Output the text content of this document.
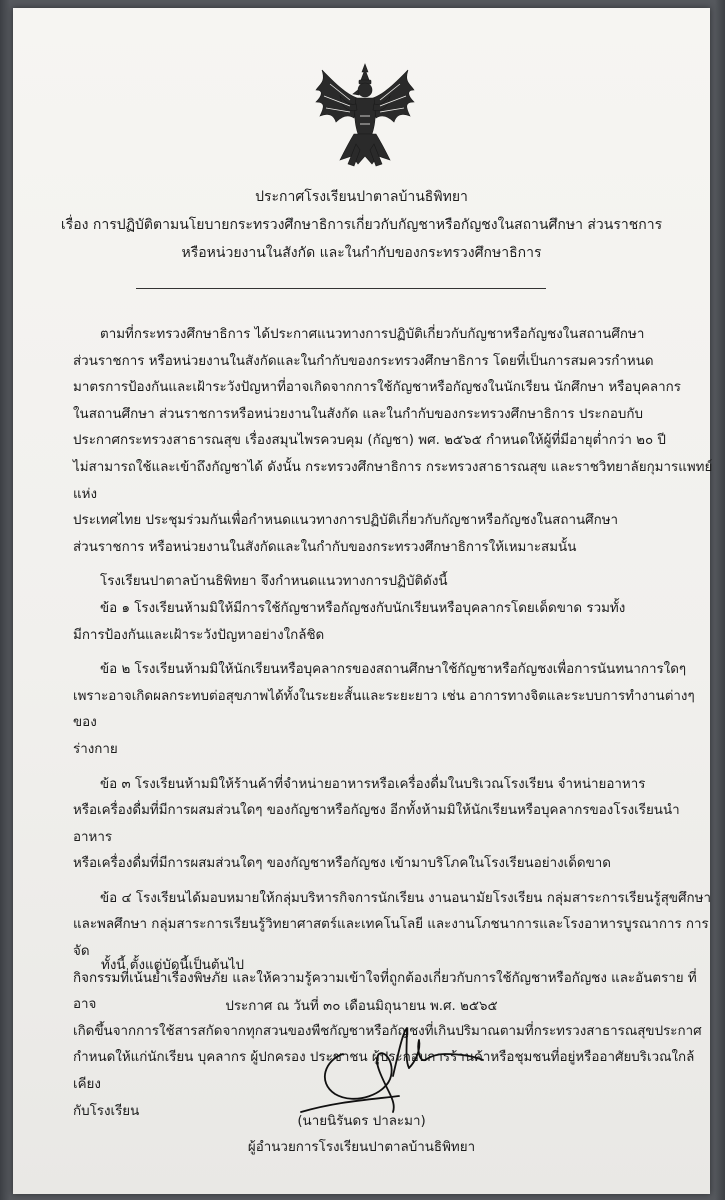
ประกาศโรงเรียนปาตาลบ้านธิพิทยา
เรื่อง การปฏิบัติตามนโยบายกระทรวงศึกษาธิการเกี่ยวกับกัญชาหรือกัญชงในสถานศึกษา ส่วนราชการ
หรือหน่วยงานในสังกัด และในกำกับของกระทรวงศึกษาธิการ

ตามที่กระทรวงศึกษาธิการ ได้ประกาศแนวทางการปฏิบัติเกี่ยวกับกัญชาหรือกัญชงในสถานศึกษา
ส่วนราชการ หรือหน่วยงานในสังกัดและในกำกับของกระทรวงศึกษาธิการ โดยที่เป็นการสมควรกำหนด
มาตรการป้องกันและเฝ้าระวังปัญหาที่อาจเกิดจากการใช้กัญชาหรือกัญชงในนักเรียน นักศึกษา หรือบุคลากร
ในสถานศึกษา ส่วนราชการหรือหน่วยงานในสังกัด และในกำกับของกระทรวงศึกษาธิการ ประกอบกับ
ประกาศกระทรวงสาธารณสุข เรื่องสมุนไพรควบคุม (กัญชา) พศ. ๒๕๖๕ กำหนดให้ผู้ที่มีอายุต่ำกว่า ๒๐ ปี
ไม่สามารถใช้และเข้าถึงกัญชาได้ ดังนั้น กระทรวงศึกษาธิการ กระทรวงสาธารณสุข และราชวิทยาลัยกุมารแพทย์แห่ง
ประเทศไทย ประชุมร่วมกันเพื่อกำหนดแนวทางการปฏิบัติเกี่ยวกับกัญชาหรือกัญชงในสถานศึกษา
ส่วนราชการ หรือหน่วยงานในสังกัดและในกำกับของกระทรวงศึกษาธิการให้เหมาะสมนั้น

โรงเรียนปาตาลบ้านธิพิทยา จึงกำหนดแนวทางการปฏิบัติดังนี้

ข้อ ๑ โรงเรียนห้ามมิให้มีการใช้กัญชาหรือกัญชงกับนักเรียนหรือบุคลากรโดยเด็ดขาด รวมทั้ง
มีการป้องกันและเฝ้าระวังปัญหาอย่างใกล้ชิด

ข้อ ๒ โรงเรียนห้ามมิให้นักเรียนหรือบุคลากรของสถานศึกษาใช้กัญชาหรือกัญชงเพื่อการนันทนาการใดๆ
เพราะอาจเกิดผลกระทบต่อสุขภาพได้ทั้งในระยะสั้นและระยะยาว เช่น อาการทางจิตและระบบการทำงานต่างๆ ของ
ร่างกาย

ข้อ ๓ โรงเรียนห้ามมิให้ร้านค้าที่จำหน่ายอาหารหรือเครื่องดื่มในบริเวณโรงเรียน จำหน่ายอาหาร
หรือเครื่องดื่มที่มีการผสมส่วนใดๆ ของกัญชาหรือกัญชง อีกทั้งห้ามมิให้นักเรียนหรือบุคลากรของโรงเรียนนำอาหาร
หรือเครื่องดื่มที่มีการผสมส่วนใดๆ ของกัญชาหรือกัญชง เข้ามาบริโภคในโรงเรียนอย่างเด็ดขาด

ข้อ ๔ โรงเรียนได้มอบหมายให้กลุ่มบริหารกิจการนักเรียน งานอนามัยโรงเรียน กลุ่มสาระการเรียนรู้สุขศึกษา
และพลศึกษา กลุ่มสาระการเรียนรู้วิทยาศาสตร์และเทคโนโลยี และงานโภชนาการและโรงอาหารบูรณาการ การจัด
กิจกรรมที่เน้นย้ำเรื่องพิษภัย และให้ความรู้ความเข้าใจที่ถูกต้องเกี่ยวกับการใช้กัญชาหรือกัญชง และอันตราย ที่อาจ
เกิดขึ้นจากการใช้สารสกัดจากทุกสวนของพืชกัญชาหรือกัญชงที่เกินปริมาณตามที่กระทรวงสาธารณสุขประกาศ
กำหนดให้แก่นักเรียน บุคลากร ผู้ปกครอง ประชาชน ผู้ประกอบการร้านค้าหรือชุมชนที่อยู่หรืออาศัยบริเวณใกล้เคียง
กับโรงเรียน

ทั้งนี้ ตั้งแต่บัดนี้เป็นต้นไป
ประกาศ ณ วันที่ ๓๐ เดือนมิถุนายน พ.ศ. ๒๕๖๕
(นายนิรันดร ปาละมา)
ผู้อำนวยการโรงเรียนปาตาลบ้านธิพิทยา
